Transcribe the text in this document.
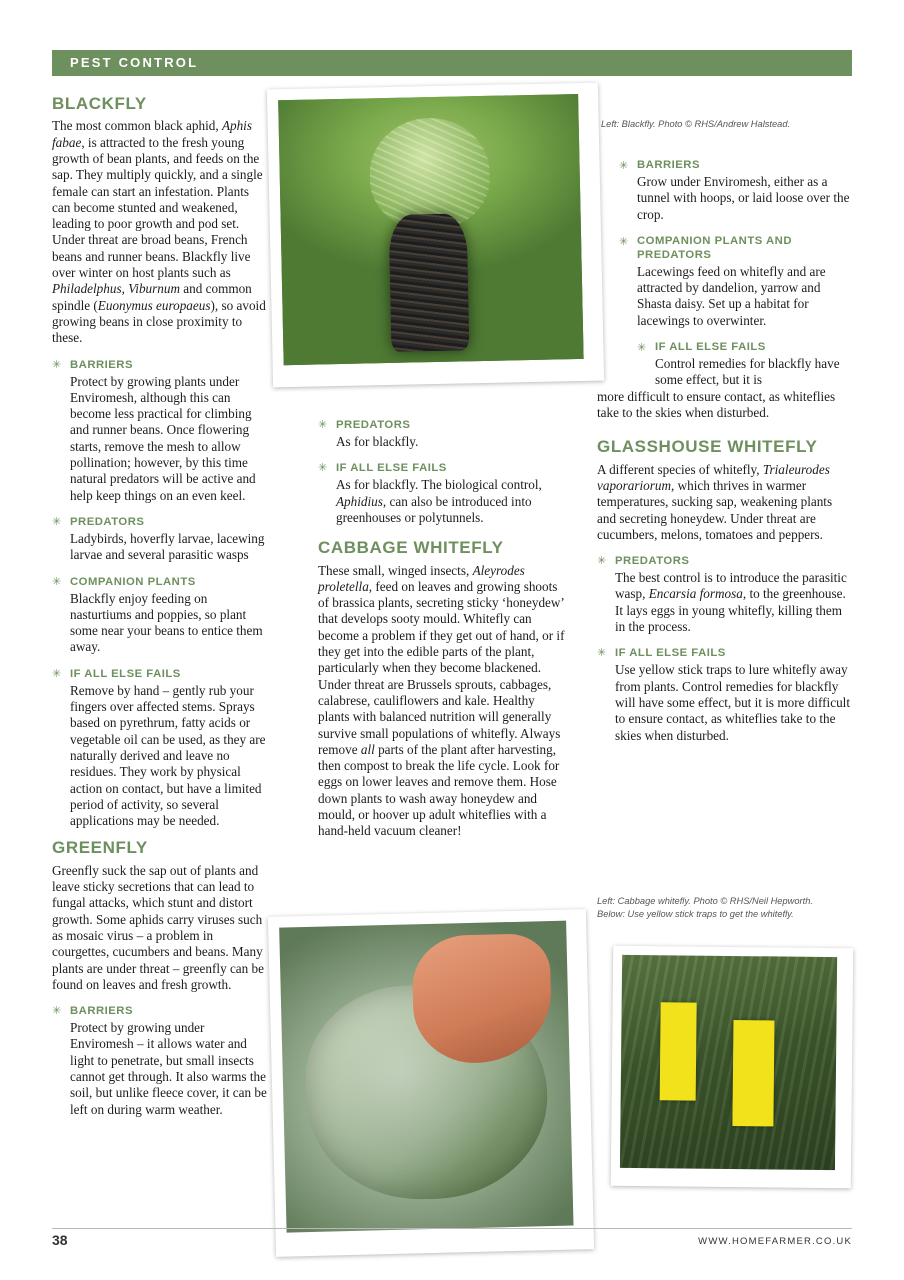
PEST CONTROL
BLACKFLY

The most common black aphid, Aphis fabae, is attracted to the fresh young growth of bean plants, and feeds on the sap. They multiply quickly, and a single female can start an infestation. Plants can become stunted and weakened, leading to poor growth and pod set. Under threat are broad beans, French beans and runner beans. Blackfly live over winter on host plants such as Philadelphus, Viburnum and common spindle (Euonymus europaeus), so avoid growing beans in close proximity to these.

✳ BARRIERS

Protect by growing plants under Enviromesh, although this can become less practical for climbing and runner beans. Once flowering starts, remove the mesh to allow pollination; however, by this time natural predators will be active and help keep things on an even keel.

✳ PREDATORS

Ladybirds, hoverfly larvae, lacewing larvae and several parasitic wasps

✳ COMPANION PLANTS

Blackfly enjoy feeding on nasturtiums and poppies, so plant some near your beans to entice them away.

✳ IF ALL ELSE FAILS

Remove by hand – gently rub your fingers over affected stems. Sprays based on pyrethrum, fatty acids or vegetable oil can be used, as they are naturally derived and leave no residues. They work by physical action on contact, but have a limited period of activity, so several applications may be needed.

GREENFLY

Greenfly suck the sap out of plants and leave sticky secretions that can lead to fungal attacks, which stunt and distort growth. Some aphids carry viruses such as mosaic virus – a problem in courgettes, cucumbers and beans. Many plants are under threat – greenfly can be found on leaves and fresh growth.

✳ BARRIERS

Protect by growing under Enviromesh – it allows water and light to penetrate, but small insects cannot get through. It also warms the soil, but unlike fleece cover, it can be left on during warm weather.

✳ PREDATORS

As for blackfly.

✳ IF ALL ELSE FAILS

As for blackfly. The biological control, Aphidius, can also be introduced into greenhouses or polytunnels.

CABBAGE WHITEFLY

These small, winged insects, Aleyrodes proletella, feed on leaves and growing shoots of brassica plants, secreting sticky ‘honeydew’ that develops sooty mould. Whitefly can become a problem if they get out of hand, or if they get into the edible parts of the plant, particularly when they become blackened. Under threat are Brussels sprouts, cabbages, calabrese, cauliflowers and kale. Healthy plants with balanced nutrition will generally survive small populations of whitefly. Always remove all parts of the plant after harvesting, then compost to break the life cycle. Look for eggs on lower leaves and remove them. Hose down plants to wash away honeydew and mould, or hoover up adult whiteflies with a hand-held vacuum cleaner!

Left: Blackfly. Photo © RHS/Andrew Halstead.
✳ BARRIERS

Grow under Enviromesh, either as a tunnel with hoops, or laid loose over the crop.

✳ COMPANION PLANTS AND PREDATORS

Lacewings feed on whitefly and are attracted by dandelion, yarrow and Shasta daisy. Set up a habitat for lacewings to overwinter.

✳ IF ALL ELSE FAILS

Control remedies for blackfly have some effect, but it is

more difficult to ensure contact, as whiteflies take to the skies when disturbed.

GLASSHOUSE WHITEFLY

A different species of whitefly, Trialeurodes vaporariorum, which thrives in warmer temperatures, sucking sap, weakening plants and secreting honeydew. Under threat are cucumbers, melons, tomatoes and peppers.

✳ PREDATORS

The best control is to introduce the parasitic wasp, Encarsia formosa, to the greenhouse. It lays eggs in young whitefly, killing them in the process.

✳ IF ALL ELSE FAILS

Use yellow stick traps to lure whitefly away from plants. Control remedies for blackfly will have some effect, but it is more difficult to ensure contact, as whiteflies take to the skies when disturbed.

Left: Cabbage whitefly. Photo © RHS/Neil Hepworth.
Below: Use yellow stick traps to get the whitefly.
38	WWW.HOMEFARMER.CO.UK
